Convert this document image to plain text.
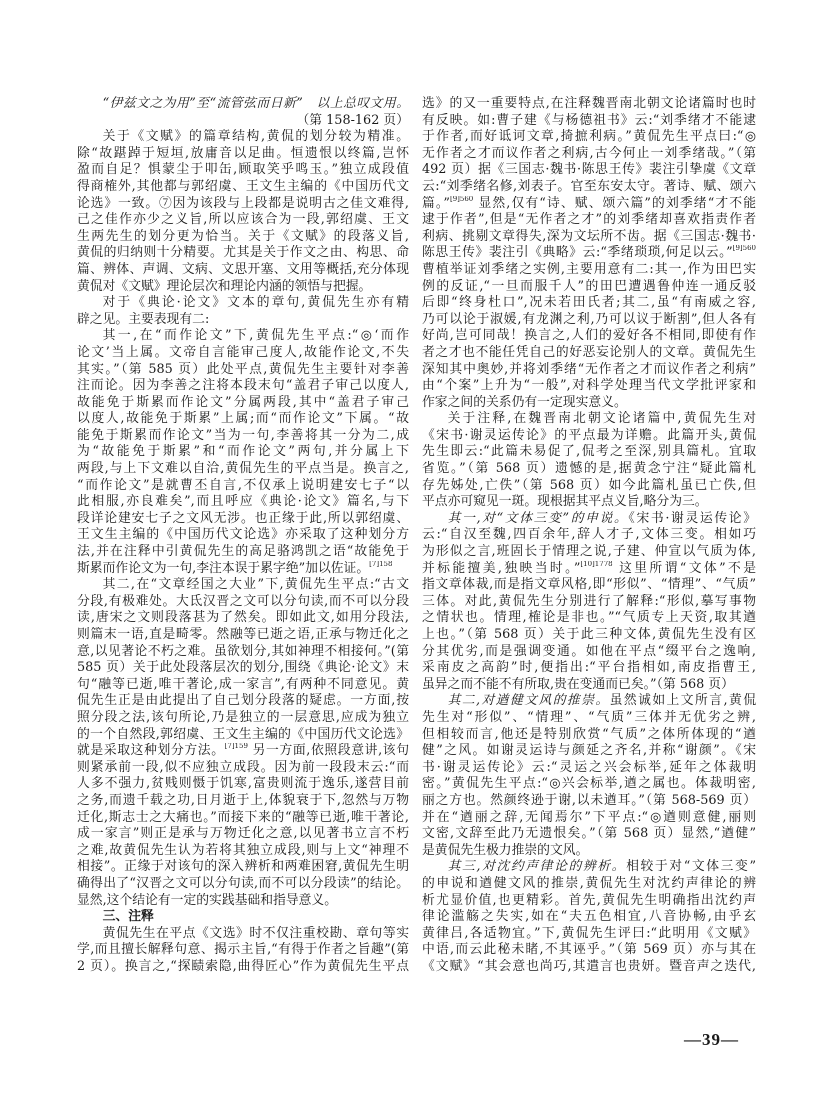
“伊兹文之为用”至“流管弦而日新”　以上总叹文用。
（第 158-162 页）
关于《文赋》的篇章结构,黄侃的划分较为精准。
除“故踸踔于短垣,放庸音以足曲。恒遗恨以终篇,岂怀
盈而自足？惧蒙尘于叩缶,顾取笑乎鸣玉。”独立成段值
得商榷外,其他都与郭绍虞、王文生主编的《中国历代文
论选》一致。⑦因为该段与上段都是说明古之佳文难得,
己之佳作亦少之义旨,所以应该合为一段,郭绍虞、王文
生两先生的划分更为恰当。关于《文赋》的段落义旨,
黄侃的归纳则十分精要。尤其是关于作文之由、构思、命
篇、辨体、声调、文病、文思开塞、文用等概括,充分体现
黄侃对《文赋》理论层次和理论内涵的领悟与把握。
对于《典论·论文》文本的章句,黄侃先生亦有精
辟之见。主要表现有二:
其一,在“而作论文”下,黄侃先生平点:“◎‘而作
论文’当上属。文帝自言能审己度人,故能作论文,不失
其实。”（第 585 页）此处平点,黄侃先生主要针对李善
注而论。因为李善之注将本段末句“盖君子审己以度人,
故能免于斯累而作论文”分属两段,其中“盖君子审己
以度人,故能免于斯累”上属;而“而作论文”下属。“故
能免于斯累而作论文”当为一句,李善将其一分为二,成
为“故能免于斯累”和“而作论文”两句,并分属上下
两段,与上下文难以自洽,黄侃先生的平点当是。换言之,
“而作论文”是就曹丕自言,不仅承上说明建安七子“以
此相服,亦良难矣”,而且呼应《典论·论文》篇名,与下
段详论建安七子之文风无涉。也正缘于此,所以郭绍虞、
王文生主编的《中国历代文论选》亦采取了这种划分方
法,并在注释中引黄侃先生的高足骆鸿凯之语“故能免于
斯累而作论文为一句,李注本误于累字绝”加以佐证。$^{[7]158}$
其二,在“文章经国之大业”下,黄侃先生平点:“古文
分段,有极难处。大氐汉晋之文可以分句读,而不可以分段
读,唐宋之文则段落甚为了然矣。即如此文,如用分段法,
则篇末一语,直是畸零。然融等已逝之语,正承与物迁化之
意,以见著论不朽之难。虽欲划分,其如神理不相接何。”(第
585 页）关于此处段落层次的划分,围绕《典论·论文》末
句“融等已逝,唯干著论,成一家言”,有两种不同意见。黄
侃先生正是由此提出了自己划分段落的疑虑。一方面,按
照分段之法,该句所论,乃是独立的一层意思,应成为独立
的一个自然段,郭绍虞、王文生主编的《中国历代文论选》
就是采取这种划分方法。$^{[7]159}$ 另一方面,依照段意讲,该句
则紧承前一段,似不应独立成段。因为前一段段末云:“而
人多不强力,贫贱则慑于饥寒,富贵则流于逸乐,遂营目前
之务,而遗千载之功,日月逝于上,体貌衰于下,忽然与万物
迁化,斯志士之大痛也。”而接下来的“融等已逝,唯干著论,
成一家言”则正是承与万物迁化之意,以见著书立言不朽
之难,故黄侃先生认为若将其独立成段,则与上文“神理不
相接”。正缘于对该句的深入辨析和两难困窘,黄侃先生明
确得出了“汉晋之文可以分句读,而不可以分段读”的结论。
显然,这个结论有一定的实践基础和指导意义。
三、注释
黄侃先生在平点《文选》时不仅注重校勘、章句等实
学,而且擅长解释句意、揭示主旨,“有得于作者之旨趣”(第
2 页）。换言之,“探赜索隐,曲得匠心”作为黄侃先生平点
选》的又一重要特点,在注释魏晋南北朝文论诸篇时也时
有反映。如:曹子建《与杨德祖书》云:“刘季绪才不能逮
于作者,而好诋诃文章,掎摭利病。”黄侃先生平点曰:“◎
无作者之才而议作者之利病,古今何止一刘季绪哉。”（第
492 页）据《三国志·魏书·陈思王传》裴注引挚虞《文章
云:“刘季绪名修,刘表子。官至东安太守。著诗、赋、颂六
篇。”$^{[9]560}$ 显然,仅有“诗、赋、颂六篇”的刘季绪“才不能
逮于作者”,但是“无作者之才”的刘季绪却喜欢指责作者
利病、挑剔文章得失,深为文坛所不齿。据《三国志·魏书·
陈思王传》裴注引《典略》云:“季绪琐琐,何足以云。”$^{[9]560}$
曹植举证刘季绪之实例,主要用意有二:其一,作为田巴实
例的反证,“一旦而服千人”的田巴遭遇鲁仲连一通反驳
后即“终身杜口”,况未若田氏者;其二,虽“有南威之容,
乃可以论于淑媛,有龙渊之利,乃可以议于断割”,但人各有
好尚,岂可同哉！换言之,人们的爱好各不相同,即使有作
者之才也不能任凭自己的好恶妄论别人的文章。黄侃先生
深知其中奥妙,并将刘季绪“无作者之才而议作者之利病”
由“个案”上升为“一般”,对科学处理当代文学批评家和
作家之间的关系仍有一定现实意义。
关于注释,在魏晋南北朝文论诸篇中,黄侃先生对
《宋书·谢灵运传论》的平点最为详赡。此篇开头,黄侃
先生即云:“此篇未易促了,侃考之至深,别具篇札。宜取
省览。”（第 568 页）遗憾的是,据黄念宁注“疑此篇札
存先姊处,亡佚”（第 568 页）如今此篇札虽已亡佚,但
平点亦可窥见一斑。现根据其平点义旨,略分为三。
其一,对“文体三变”的申说。《宋书·谢灵运传论》
云:“自汉至魏,四百余年,辞人才子,文体三变。相如巧
为形似之言,班固长于情理之说,子建、仲宣以气质为体,
并标能擅美,独映当时。”$^{[10]1778}$ 这里所谓“文体”不是
指文章体裁,而是指文章风格,即“形似”、“情理”、“气质”
三体。对此,黄侃先生分别进行了解释:“形似,摹写事物
之情状也。情理,榷论是非也。”“气质专上天资,取其遒
上也。”（第 568 页）关于此三种文体,黄侃先生没有区
分其优劣,而是强调变通。如他在平点“缀平台之逸响,
采南皮之高韵”时,便指出:“平台指相如,南皮指曹王,
虽异之而不能不有所取,贵在变通而已矣。”（第 568 页）
其二,对遒健文风的推崇。虽然诚如上文所言,黄侃
先生对“形似”、“情理”、“气质”三体并无优劣之辨,
但相较而言,他还是特别欣赏“气质”之体所体现的“遒
健”之风。如谢灵运诗与颜延之齐名,并称“谢颜”。《宋
书·谢灵运传论》云:“灵运之兴会标举,延年之体裁明
密。”黄侃先生平点:“◎兴会标举,遒之属也。体裁明密,
丽之方也。然颜终逊于谢,以未遒耳。”（第 568-569 页）
并在“遒丽之辞,无闻焉尔”下平点:“◎遒则意健,丽则
文密,文辞至此乃无遗恨矣。”（第 568 页）显然,“遒健”
是黄侃先生极力推崇的文风。
其三,对沈约声律论的辨析。相较于对“文体三变”
的申说和遒健文风的推崇,黄侃先生对沈约声律论的辨
析尤显价值,也更精彩。首先,黄侃先生明确指出沈约声
律论滥觞之失实,如在“夫五色相宜,八音协畅,由乎玄
黄律吕,各适物宜。”下,黄侃先生评曰:“此明用《文赋》
中语,而云此秘未睹,不其诬乎。”（第 569 页）亦与其在
《文赋》“其会意也尚巧,其遣言也贵妍。暨音声之迭代,
—39—
